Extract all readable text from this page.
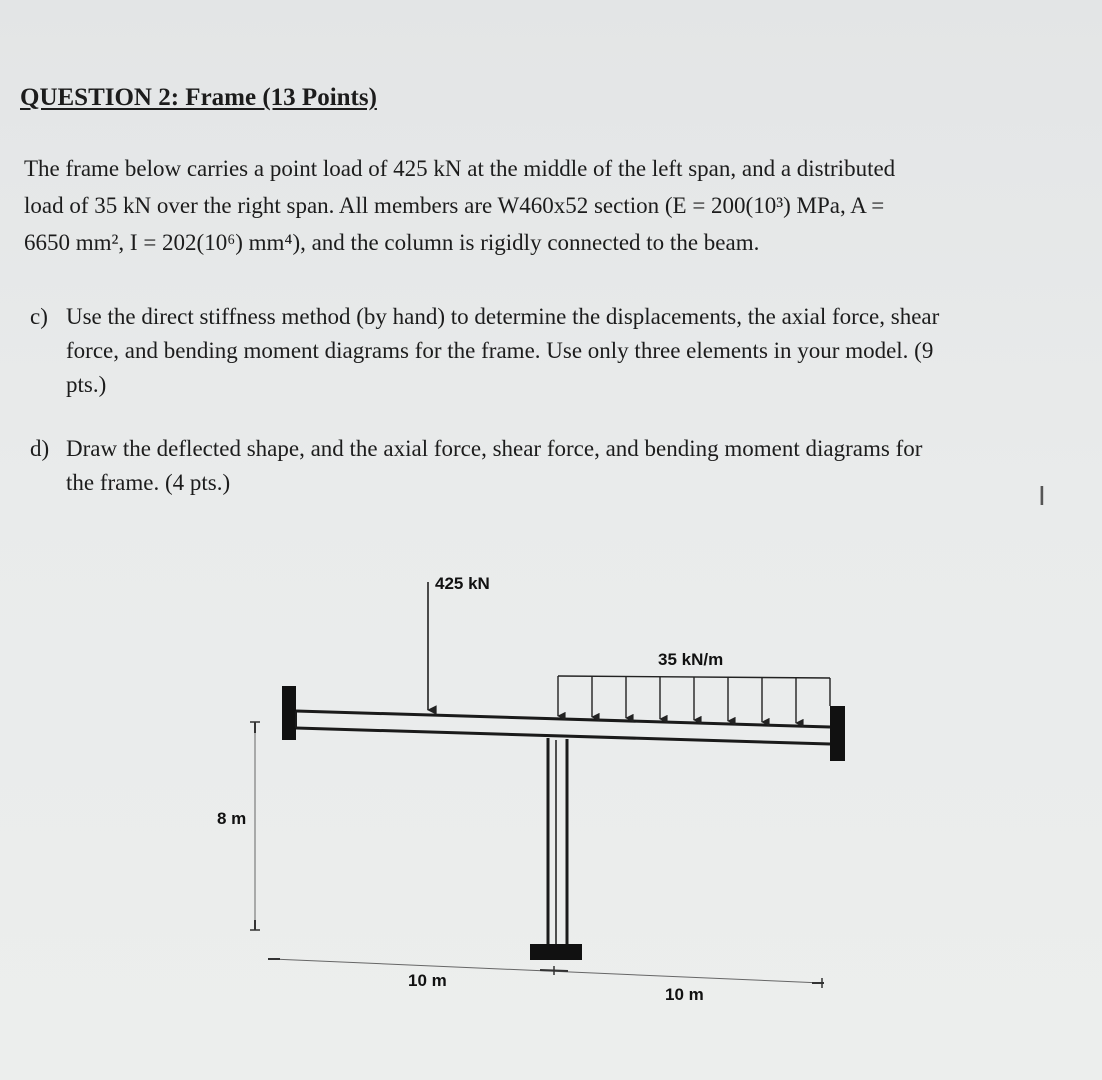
QUESTION 2: Frame (13 Points)
The frame below carries a point load of 425 kN at the middle of the left span, and a distributed
load of 35 kN over the right span. All members are W460x52 section (E = 200(10³) MPa, A =
6650 mm², I = 202(10⁶) mm⁴), and the column is rigidly connected to the beam.
c) Use the direct stiffness method (by hand) to determine the displacements, the axial force, shear
force, and bending moment diagrams for the frame. Use only three elements in your model. (9
pts.)
d) Draw the deflected shape, and the axial force, shear force, and bending moment diagrams for
the frame. (4 pts.)	I
425 kN
35 kN/m
8 m
10 m
10 m
